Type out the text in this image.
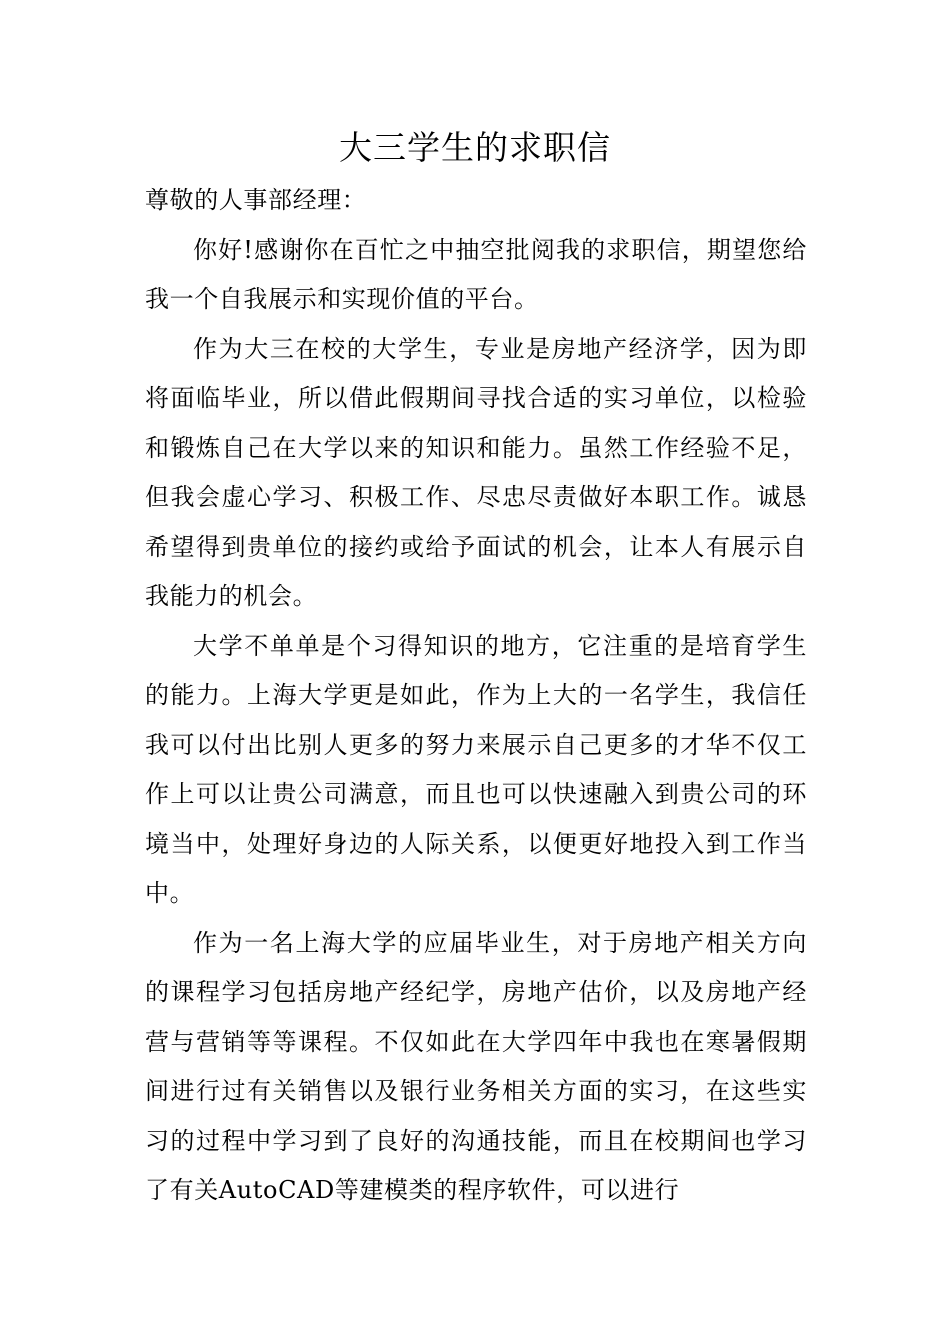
大三学生的求职信

尊敬的人事部经理：

你好!感谢你在百忙之中抽空批阅我的求职信，期望您给我一个自我展示和实现价值的平台。

作为大三在校的大学生，专业是房地产经济学，因为即将面临毕业，所以借此假期间寻找合适的实习单位，以检验和锻炼自己在大学以来的知识和能力。虽然工作经验不足，但我会虚心学习、积极工作、尽忠尽责做好本职工作。诚恳希望得到贵单位的接约或给予面试的机会，让本人有展示自我能力的机会。

大学不单单是个习得知识的地方，它注重的是培育学生的能力。上海大学更是如此，作为上大的一名学生，我信任我可以付出比别人更多的努力来展示自己更多的才华不仅工作上可以让贵公司满意，而且也可以快速融入到贵公司的环境当中，处理好身边的人际关系，以便更好地投入到工作当中。

作为一名上海大学的应届毕业生，对于房地产相关方向的课程学习包括房地产经纪学，房地产估价，以及房地产经营与营销等等课程。不仅如此在大学四年中我也在寒暑假期间进行过有关销售以及银行业务相关方面的实习，在这些实习的过程中学习到了良好的沟通技能，而且在校期间也学习了有关AutoCAD等建模类的程序软件，可以进行
